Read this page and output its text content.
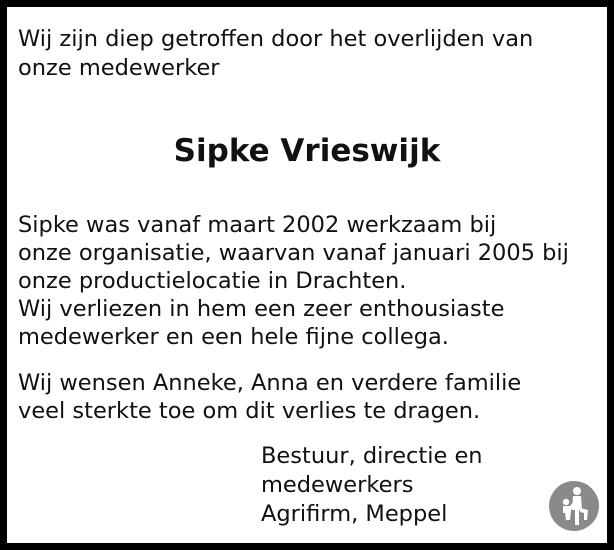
Wij zijn diep getroffen door het overlijden van
onze medewerker

Sipke Vrieswijk

Sipke was vanaf maart 2002 werkzaam bij
onze organisatie, waarvan vanaf januari 2005 bij
onze productielocatie in Drachten.
Wij verliezen in hem een zeer enthousiaste
medewerker en een hele fijne collega.

Wij wensen Anneke, Anna en verdere familie
veel sterkte toe om dit verlies te dragen.

Bestuur, directie en
medewerkers
Agrifirm, Meppel
